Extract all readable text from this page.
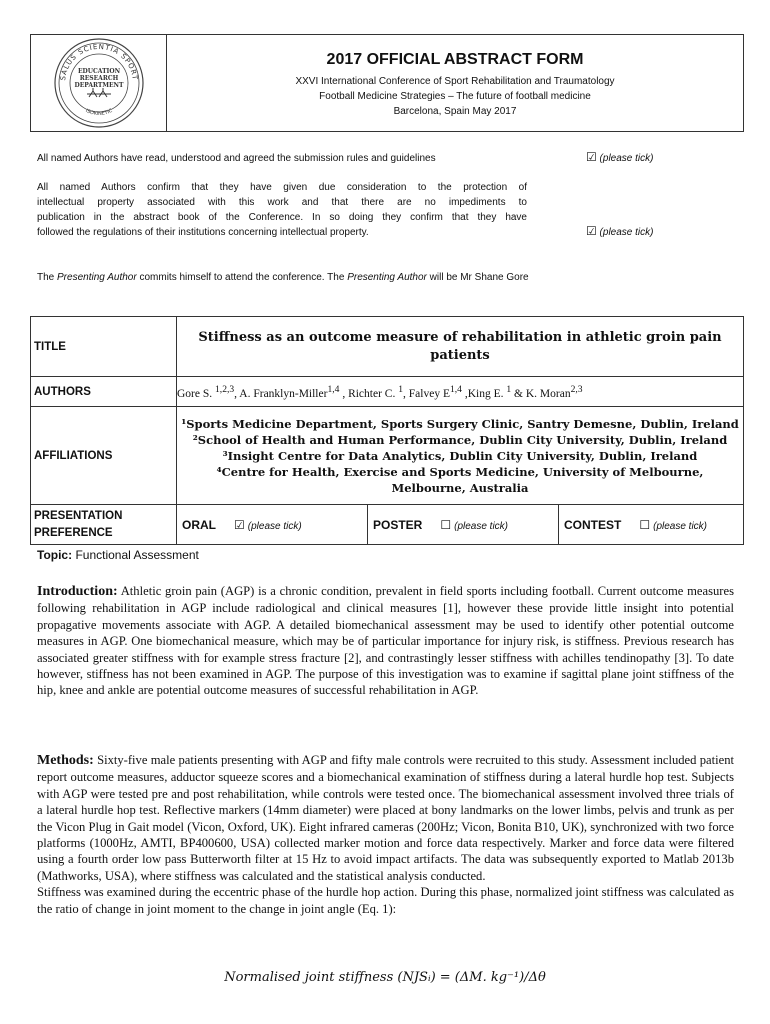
SALUS SCIENTIA SPORT
ISOKINETIC
EDUCATION
RESEARCH
DEPARTMENT
2017 OFFICIAL ABSTRACT FORM
XXVI International Conference of Sport Rehabilitation and Traumatology
Football Medicine Strategies – The future of football medicine
Barcelona, Spain May 2017
All named Authors have read, understood and agreed the submission rules and guidelines	☑ (please tick)
All named Authors confirm that they have given due consideration to the protection of
intellectual property associated with this work and that there are no impediments to
publication in the abstract book of the Conference. In so doing they confirm that they have
followed the regulations of their institutions concerning intellectual property.	☑ (please tick)
The Presenting Author commits himself to attend the conference. The Presenting Author will be Mr Shane Gore
TITLE	Stiffness as an outcome measure of rehabilitation in athletic groin pain
patients		

AUTHORS	Gore S. $^{1,2,3}$, A. Franklyn-Miller$^{1,4}$ , Richter C. $^1$, Falvey E$^{1,4}$ ,King E. $^1$ & K. Moran$^{2,3}$
AFFILIATIONS	¹Sports Medicine Department, Sports Surgery Clinic, Santry Demesne, Dublin, Ireland
²School of Health and Human Performance, Dublin City University, Dublin, Ireland
³Insight Centre for Data Analytics, Dublin City University, Dublin, Ireland
⁴Centre for Health, Exercise and Sports Medicine, University of Melbourne,
Melbourne, Australia		

PRESENTATION
PREFERENCE	ORAL ☑ (please tick)	POSTER ☐ (please tick)	CONTEST ☐ (please tick)
Topic: Functional Assessment
Introduction: Athletic groin pain (AGP) is a chronic condition, prevalent in field sports including football. Current outcome measures following rehabilitation in AGP include radiological and clinical measures [1], however these provide little insight into potential propagative movements associate with AGP. A detailed biomechanical assessment may be used to identify other potential outcome measures in AGP. One biomechanical measure, which may be of particular importance for injury risk, is stiffness. Previous research has associated greater stiffness with for example stress fracture [2], and contrastingly lesser stiffness with achilles tendinopathy [3]. To date however, stiffness has not been examined in AGP. The purpose of this investigation was to examine if sagittal plane joint stiffness of the hip, knee and ankle are potential outcome measures of successful rehabilitation in AGP.
Methods: Sixty-five male patients presenting with AGP and fifty male controls were recruited to this study. Assessment included patient report outcome measures, adductor squeeze scores and a biomechanical examination of stiffness during a lateral hurdle hop test. Subjects with AGP were tested pre and post rehabilitation, while controls were tested once. The biomechanical assessment involved three trials of a lateral hurdle hop test. Reflective markers (14mm diameter) were placed at bony landmarks on the lower limbs, pelvis and trunk as per the Vicon Plug in Gait model (Vicon, Oxford, UK). Eight infrared cameras (200Hz; Vicon, Bonita B10, UK), synchronized with two force platforms (1000Hz, AMTI, BP400600, USA) collected marker motion and force data respectively. Marker and force data were filtered using a fourth order low pass Butterworth filter at 15 Hz to avoid impact artifacts. The data was subsequently exported to Matlab 2013b (Mathworks, USA), where stiffness was calculated and the statistical analysis conducted.
Stiffness was examined during the eccentric phase of the hurdle hop action. During this phase, normalized joint stiffness was calculated as the ratio of change in joint moment to the change in joint angle (Eq. 1):
Normalised joint stiffness (NJSᵢ) = (ΔM. kg⁻¹)/Δθ
